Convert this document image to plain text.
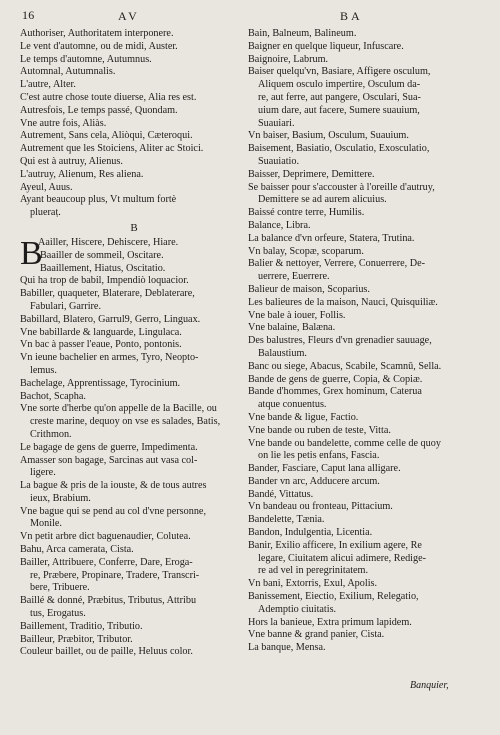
16	AV	BA
Authoriser, Authoritatem interponere.
Le vent d'automne, ou de midi, Auster.
Le temps d'automne, Autumnus.
Automnal, Autumnalis.
L'autre, Alter.
C'est autre chose toute diuerse, Alia res est.
Autresfois, Le temps passé, Quondam.
Vne autre fois, Aliàs.
Autrement, Sans cela, Aliòqui, Cæteroqui.
Autrement que les Stoiciens, Aliter ac Stoici.
Qui est à autruy, Alienus.
L'autruy, Alienum, Res aliena.
Ayeul, Auus.
Ayant beaucoup plus, Vt multum fortè
plueraṭ.
B
B
Aailler, Hiscere, Dehiscere, Hiare.
Baailler de sommeil, Oscitare.
Baaillement, Hiatus, Oscitatio.
Qui ha trop de babil, Impendiò loquacior.
Babiller, quaqueter, Blaterare, Deblaterare,
Fabulari, Garrire.
Babillard, Blatero, Garrul9, Gerro, Linguax.
Vne babillarde & languarde, Lingulaca.
Vn bac à passer l'eaue, Ponto, pontonis.
Vn ieune bachelier en armes, Tyro, Neopto-
lemus.
Bachelage, Apprentissage, Tyrocinium.
Bachot, Scapha.
Vne sorte d'herbe qu'on appelle de la Bacille, ou
creste marine, dequoy on vse es salades, Batis,
Crithmon.
Le bagage de gens de guerre, Impedimenta.
Amasser son bagage, Sarcinas aut vasa col-
ligere.
La bague & pris de la iouste, & de tous autres
ieux, Brabium.
Vne bague qui se pend au col d'vne personne,
Monile.
Vn petit arbre dict baguenaudier, Colutea.
Bahu, Arca camerata, Cista.
Bailler, Attribuere, Conferre, Dare, Eroga-
re, Præbere, Propinare, Tradere, Transcri-
bere, Tribuere.
Baillé & donné, Præbitus, Tributus, Attribu
tus, Erogatus.
Baillement, Traditio, Tributio.
Bailleur, Præbitor, Tributor.
Couleur baillet, ou de paille, Heluus color.
Bain, Balneum, Balineum.
Baigner en quelque liqueur, Infuscare.
Baignoire, Labrum.
Baiser quelqu'vn, Basiare, Affigere osculum,
Aliquem osculo impertire, Osculum da-
re, aut ferre, aut pangere, Osculari, Sua-
uium dare, aut facere, Sumere suauium,
Suauiari.
Vn baiser, Basium, Osculum, Suauium.
Baisement, Basiatio, Osculatio, Exosculatio,
Suauiatio.
Baisser, Deprimere, Demittere.
Se baisser pour s'accouster à l'oreille d'autruy,
Demittere se ad aurem alicuius.
Baissé contre terre, Humilis.
Balance, Libra.
La balance d'vn orfeure, Statera, Trutina.
Vn balay, Scopæ, scoparum.
Balier & nettoyer, Verrere, Conuerrere, De-
uerrere, Euerrere.
Balieur de maison, Scoparius.
Les balieures de la maison, Nauci, Quisquiliæ.
Vne bale à iouer, Follis.
Vne balaine, Balæna.
Des balustres, Fleurs d'vn grenadier sauuage,
Balaustium.
Banc ou siege, Abacus, Scabile, Scamnū, Sella.
Bande de gens de guerre, Copia, & Copiæ.
Bande d'hommes, Grex hominum, Caterua
atque conuentus.
Vne bande & ligue, Factio.
Vne bande ou ruben de teste, Vitta.
Vne bande ou bandelette, comme celle de quoy
on lie les petis enfans, Fascia.
Bander, Fasciare, Caput lana alligare.
Bander vn arc, Adducere arcum.
Bandé, Vittatus.
Vn bandeau ou fronteau, Pittacium.
Bandelette, Tænia.
Bandon, Indulgentia, Licentia.
Banir, Exilio afficere, In exilium agere, Re
legare, Ciuitatem alicui adimere, Redige-
re ad vel in peregrinitatem.
Vn bani, Extorris, Exul, Apolis.
Banissement, Eiectio, Exilium, Relegatio,
Ademptio ciuitatis.
Hors la banieue, Extra primum lapidem.
Vne banne & grand panier, Cista.
La banque, Mensa.
Banquier,
